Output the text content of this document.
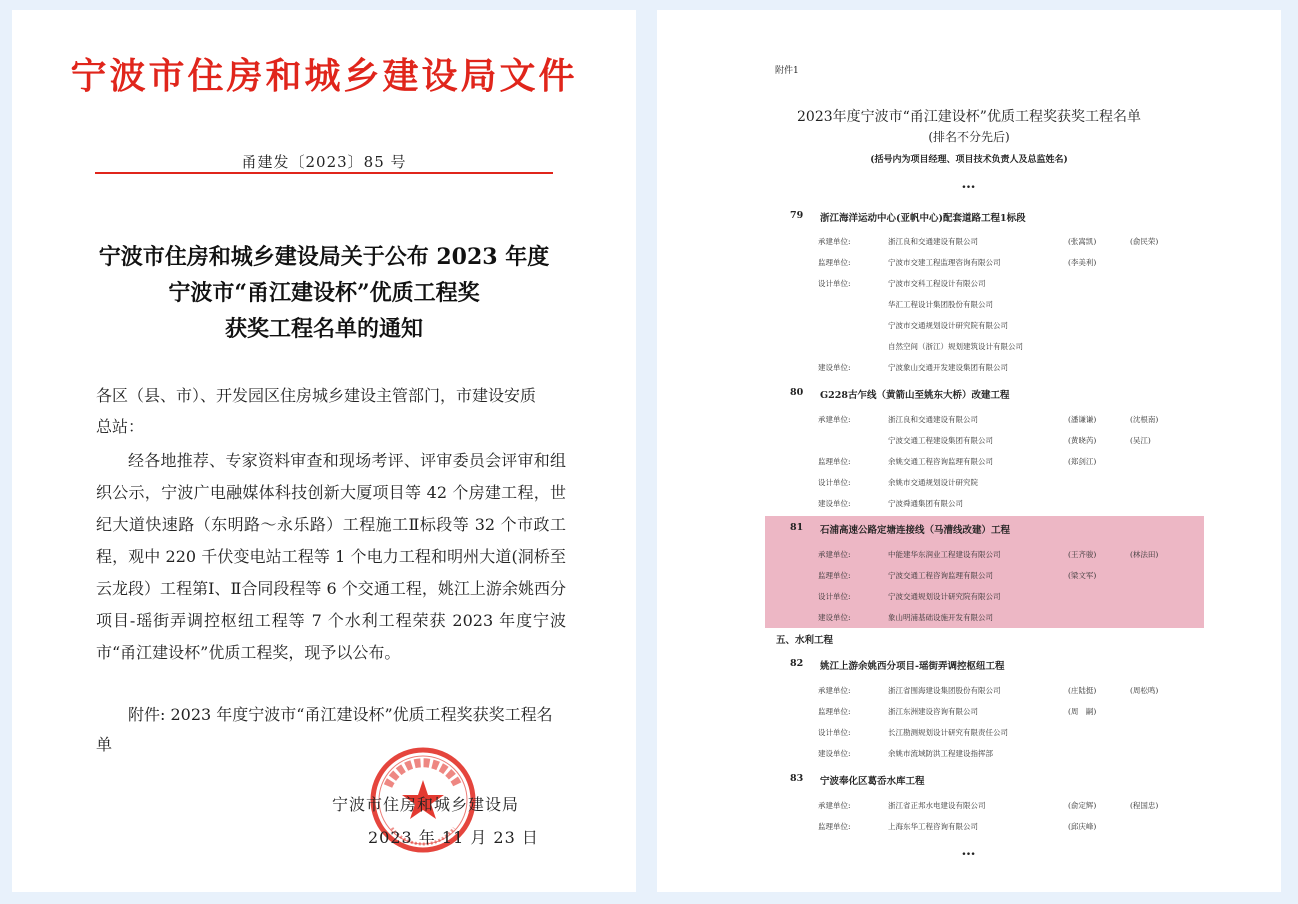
宁波市住房和城乡建设局文件
甬建发〔2023〕85 号
宁波市住房和城乡建设局关于公布 2023 年度
宁波市“甬江建设杯”优质工程奖
获奖工程名单的通知
各区（县、市）、开发园区住房城乡建设主管部门，市建设安质
总站：
经各地推荐、专家资料审查和现场考评、评审委员会评审和组织公示，宁波广电融媒体科技创新大厦项目等 42 个房建工程，世纪大道快速路（东明路～永乐路）工程施工Ⅱ标段等 32 个市政工程，观中 220 千伏变电站工程等 1 个电力工程和明州大道(洞桥至云龙段）工程第Ⅰ、Ⅱ合同段程等 6 个交通工程，姚江上游余姚西分项目-瑶街弄调控枢纽工程等 7 个水利工程荣获 2023 年度宁波市“甬江建设杯”优质工程奖，现予以公布。
附件: 2023 年度宁波市“甬江建设杯”优质工程奖获奖工程名单
宁波市住房和城乡建设局
2023 年 11 月 23 日
附件1
2023年度宁波市“甬江建设杯”优质工程奖获奖工程名单
(排名不分先后)
(括号内为项目经理、项目技术负责人及总监姓名)
…
79	浙江海洋运动中心(亚帆中心)配套道路工程1标段
承建单位:	浙江良和交通建设有限公司	(张嵩凯)	(俞民荣)
监理单位:	宁波市交建工程监理咨询有限公司	(李美利)
设计单位:	宁波市交科工程设计有限公司
华汇工程设计集团股份有限公司
宁波市交通规划设计研究院有限公司
自然空间（浙江）规划建筑设计有限公司
建设单位:	宁波象山交通开发建设集团有限公司
80	G228古乍线（黄箭山至姚东大桥）改建工程
承建单位:	浙江良和交通建设有限公司	(潘谦谦)	(沈根南)
宁波交通工程建设集团有限公司	(黄晓芮)	(吴江)
监理单位:	余姚交通工程咨询监理有限公司	(郑剑江)
设计单位:	余姚市交通规划设计研究院
建设单位:	宁波舜通集团有限公司
81	石浦高速公路定塘连接线（马漕线改建）工程
承建单位:	中能建华东润业工程建设有限公司	(王齐骏)	(林法田)
监理单位:	宁波交通工程咨询监理有限公司	(梁文军)
设计单位:	宁波交通规划设计研究院有限公司
建设单位:	象山明浦基础设施开发有限公司
五、水利工程
82	姚江上游余姚西分项目-瑶街弄调控枢纽工程
承建单位:	浙江省围海建设集团股份有限公司	(庄陆挺)	(周松鸣)
监理单位:	浙江东洲建设咨询有限公司	(周　嗣)
设计单位:	长江勘测规划设计研究有限责任公司
建设单位:	余姚市流域防洪工程建设指挥部
83	宁波奉化区葛岙水库工程
承建单位:	浙江省正邦水电建设有限公司	(俞定辉)	(程国忠)
监理单位:	上海东华工程咨询有限公司	(邱庆峰)
…
